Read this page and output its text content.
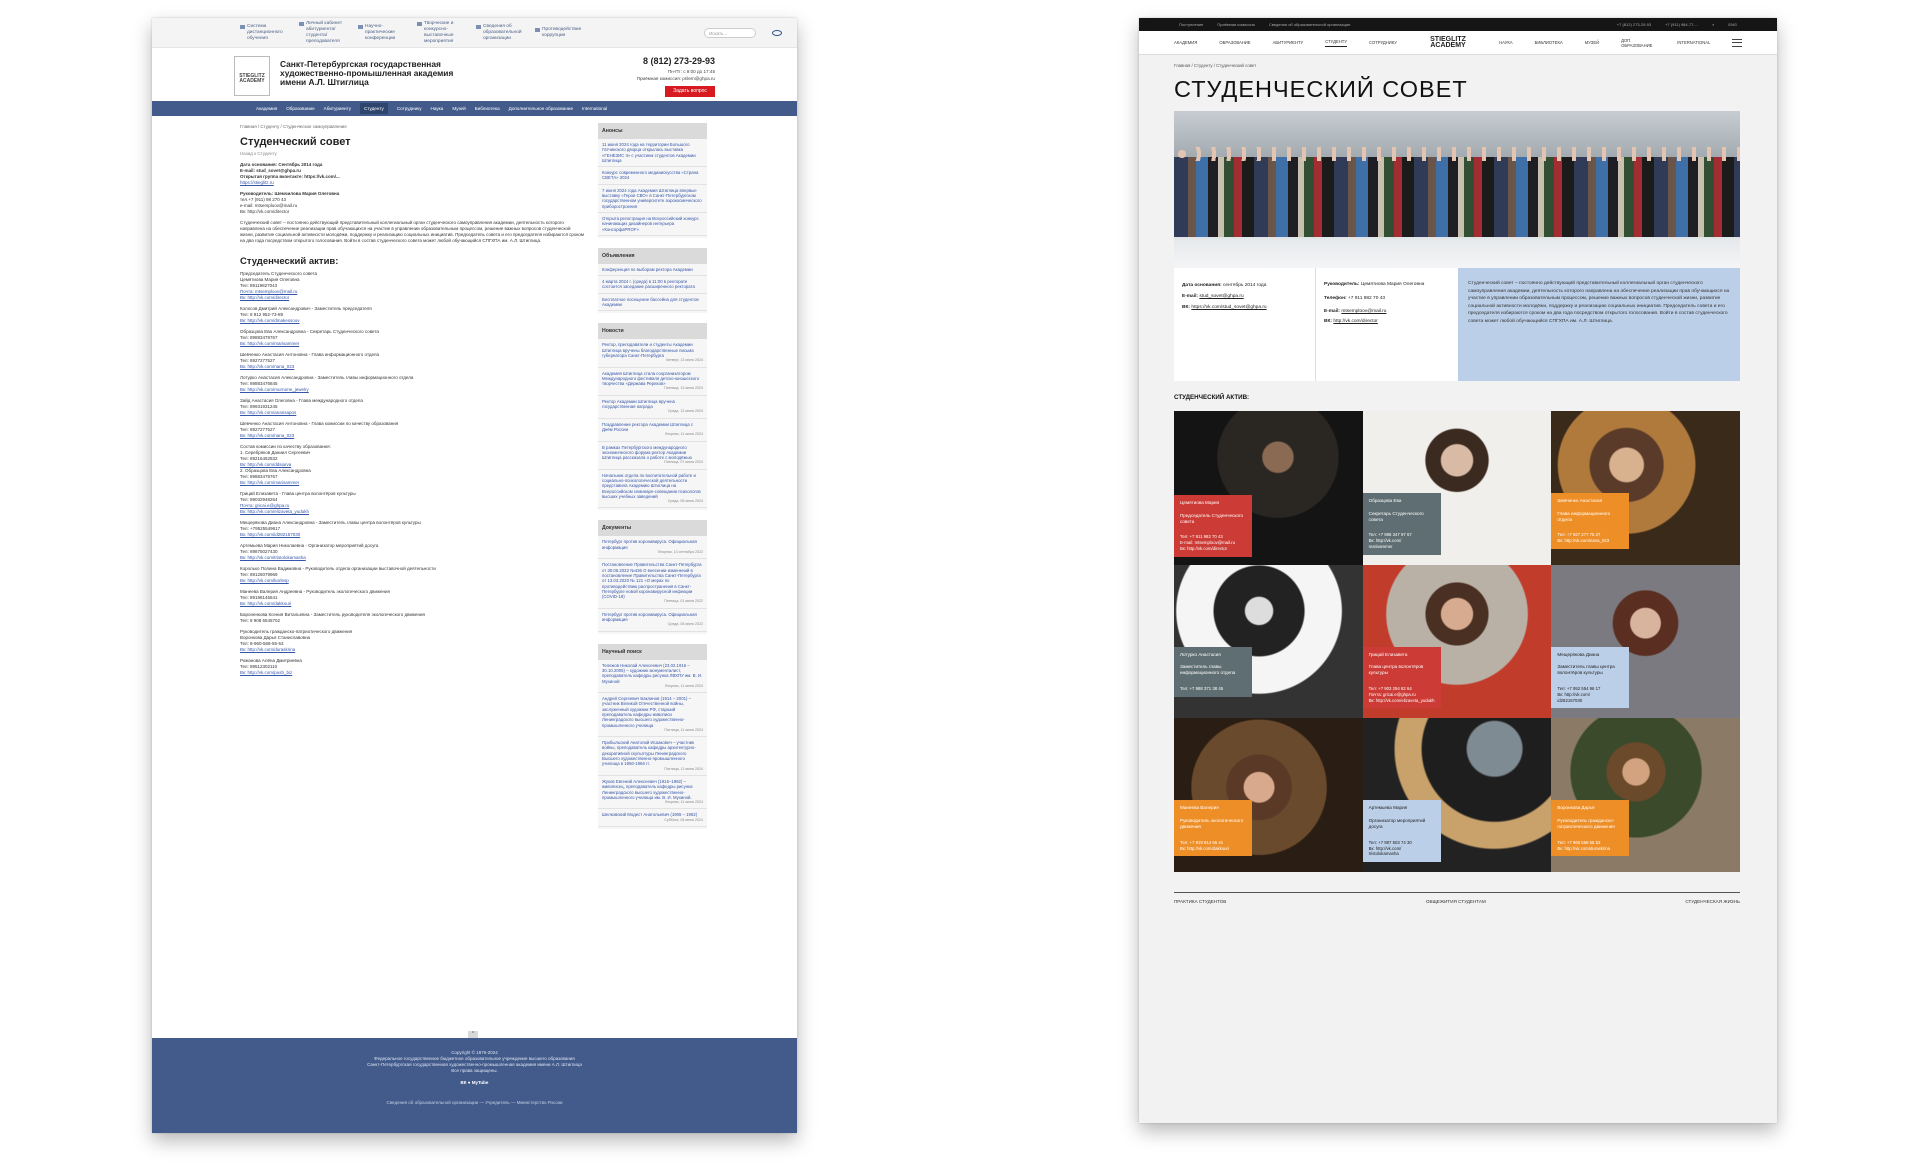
Система дистанционного обучения
Личный кабинет абитуриента/студента/преподавателя
Научно-практические конференции
Творческие и конкурсно-выставочные мероприятия
Сведения об образовательной организации
Противодействие коррупции	Искать...
STIEGLITZ ACADEMY
Санкт-Петербургская государственная
художественно-промышленная академия
имени А.Л. Штиглица
8 (812) 273-29-93
Пн-Пт: с 9:00 до 17:45
Приёмная комиссия: prilem@ghpa.ru
Задать вопрос
Академия Образование Абитуриенту	Студенту	Сотруднику Наука Музей Библиотека Дополнительное образование International
Главная / Студенту / Студенческое самоуправление
Студенческий совет
Назад к Студенту
Дата основания: Сентябрь 2014 года
E-mail: stud_sovet@ghpa.ru
Открытая группа вконтакте: https://vk.com/...
https://stieglitz.ru
Руководитель: Шемчилова Мария Олеговна
тел.+7 (911) 98 270 43
e-mail: mtsemploov@mail.ru
Вк: http://vk.com/director
Студенческий совет – постоянно действующий представительный коллегиальный орган студенческого самоуправления академии, деятельность которого направлена на обеспечение реализации прав обучающихся на участие в управлении образовательным процессом, решение важных вопросов студенческой жизни, развитие социальной активности молодёжи, поддержку и реализацию социальных инициатив. Председатель совета и его председателя избираются сроком на два года посредством открытого голосования. Войти в состав студенческого совета может любой обучающийся СПГХПА им. А.Л. Штиглица.
Студенческий актив:
Председатель Студенческого совета
Цемятиова Мария Олеговна
Тел: 89119827043
Почта: mtsemploov@mail.ru
Вк: http://vk.com/director
Колосов Дмитрий Александрович - Заместитель председателя
Тел: 8 912 952-73-89
Вк: http://vk.com/dmakessoov
Образцова Ева Александровна - Секретарь Студенческого совета
Тел: 89883479767
Вк: http://vk.com/marisammer
Шевченко Анастасия Антоновна - Глава информационного отдела
Тел: 8927277527
Вк: http://vk.com/nana_023
Лотурко Анастасия Александровна - Заместитель главы информационного отдела
Тел: 89883476845
Вк: http://vk.com/murrume_jewelry
Зайд Анастасия Олеговна - Глава международного отдела
Тел: 89931931245
Вк: http://vk.com/anansapos
Шевченко Анастасия Антоновна - Глава комиссии по качеству образования
Тел: 8927277527
Вк: http://vk.com/nana_023
Состав комиссии по качеству образования:
1. Серебряков Даниил Сергеевич
Тел: 89216452832
Вк: http://vk.com/ddsiarva
2. Образцова Ева Александровна
Тел: 89883479767
Вк: http://vk.com/marisammer
Грицай Елизавета - Глава центра волонтёров культуры
Тел: 89032948264
Почта: gricai.e@ghpa.ru
Вк: http://vk.com/elizaveta_yudukh
Мещерякова Диана Александровна - Заместитель главы центра волонтёров культуры
Тел: +79525549617
Вк: http://vk.com/id282157030
Артемьева Мария Николаевна - Организатор мероприятий досуга
Тел: 89875027430
Вк: http://vk.com/tristolokamasha
Королько Полина Вадимовна - Руководитель отдела организации выставочной деятельности
Тел: 89126079969
Вк: http://vk.com/korlesp
Манеева Валерия Андреевна - Руководитель экологического движения
Тел: 89198145541
Вк: http://vk.com/dakkouri
Бароненкова Ксения Витальевна - Заместитель руководителя экологического движения
Тел: 8 908 6545702
Руководитель гражданско-патриотического движения
Воронкова Дарья Станиславовна
Тел: 8-960-568-55-53
Вк: http://vk.com/duraskrina
Рожанова Алёна Дмитриевна
Тел: 89512302110
Вк: http://vk.com/push_biz
Анонсы
11 июня 2024 года на территории Большого Гатчинского дворца открылась выставка «ГЕНЕЗИС II» с участием студентов Академии Штиглица
Конкурс современного медиаискусства «Страна СВЕТА» 2024
7 июня 2024 года Академия Штиглица впервые выставку «Герои СВО» в Санкт-Петербургском государственном университете аэрокосмического приборостроения
Открыта регистрация на Всероссийский конкурс начинающих дизайнеров интерьера «КонсорфаPROF»
Объявления
Конференция по выборам ректора Академии
4 марта 2024 г. (среда) в 11:00 в ректорате состоится заседание расширенного ректората
Бесплатное посещение бассейна для студентов Академии
Новости
Ректор, преподаватели и студенты Академии Штиглица вручены благодарственные письма губернатора Санкт-Петербурга
Четверг, 13 июня 2024
Академия Штиглица стала соорганизатором Международного фестиваля детско-юношеского творчества «Держава Рерихов»
Пятница, 13 июня 2024
Ректор Академии Штиглица вручена государственная награда
Среда, 12 июня 2024
Поздравление ректора Академии Штиглица с Днём России
Вторник, 11 июня 2024
В рамках Петербургского международного экономического форума ректор Академии Штиглица рассказала о работе с молодёжью
Пятница, 07 июня 2024
Начальник отдела по воспитательной работе и социально-психологической деятельности представила Академию Штиглица на Всероссийском семинаре-совещании психологов высших учебных заведений
Среда, 05 июня 2024
Документы
Петербург против коронавируса. Официальная информация
Вторник, 13 сентября 2022
Постановление Правительства Санкт-Петербурга от 30.06.2022 №436 О внесении изменений в постановление Правительства Санкт-Петербурга от 13.03.2020 № 121 «О мерах по противодействию распространения в Санкт-Петербурге новой коронавирусной инфекции (COVID-19)
Пятница, 01 июля 2022
Петербург против коронавируса. Официальная информация
Среда, 08 июня 2022
Научный поиск
Тележов Николай Алексеевич (23.02.1916 – 30.10.2005) – художник монументалист, преподаватель кафедры рисунка ЛВХПУ им. В. И. Мухиной
Вторник, 11 июня 2024
Андрей Сергеевич Баклинов (1914 – 2001) – участник Великой Отечественной войны, заслуженный художник РФ, старший преподаватель кафедры живописи Ленинградского высшего художественно-промышленного училища
Пятница, 11 июня 2024
Прибыльский Анатолий Исаакович – участник войны, преподаватель кафедры архитектурно-декоративной скульптуры Ленинградского Высшего художественно-промышленного училища в 1950-1966 гг.
Пятница, 11 июня 2024
Жуков Евгений Алексеевич (1915–1992) – живописец, преподаватель кафедры рисунка Ленинградского высшего художественно-промышленного училища им. В. И. Мухиной.
Вторник, 11 июня 2024
Шелковский Модест Анатольевич (1906 – 1982)
Суббота, 08 июня 2024
^
Copyright © 1876-2024
Федеральное государственное бюджетное образовательное учреждение высшего образования
Санкт-Петербургская государственная художественно-промышленная академия имени А.Л. Штиглица
Все права защищены.
ВК ● MyTube
Сведения об образовательной организации — Учредитель — Министерство России
Поступление	Приёмная комиссия	Сведения об образовательной организации	+7 (812) 273-29-93	+7 (911) 984-77-...	⌕	ENG
АКАДЕМИЯ	ОБРАЗОВАНИЕ	АБИТУРИЕНТУ	СТУДЕНТУ	СОТРУДНИКУ	STIEGLITZ ACADEMY	НАУКА	БИБЛИОТЕКА	МУЗЕЙ	ДОП. ОБРАЗОВАНИЕ	INTERNATIONAL
Главная / Студенту / Студенческий совет
СТУДЕНЧЕСКИЙ СОВЕТ
Дата основания: сентябрь 2014 года
E-mail: stud_sovet@ghpa.ru
ВК: https://vk.com/stud_sovet@ghpa.ru
Руководитель: Цемятиова Мария Олеговна
Телефон: +7 911 982 70 43
E-mail: mtsemploov@mail.ru
ВК: http://vk.com/director
Студенческий совет – постоянно действующий представительный коллегиальный орган студенческого самоуправления академии, деятельность которого направлена на обеспечение реализации прав обучающихся на участие в управлении образовательным процессом, решение важных вопросов студенческой жизни, развитие социальной активности молодёжи, поддержку и реализацию социальных инициатив. Председатель совета и его председателя избираются сроком на два года посредством открытого голосования. Войти в состав студенческого совета может любой обучающийся СПГХПА им. А.Л. Штиглица.
СТУДЕНЧЕСКИЙ АКТИВ:
Цемятиова Мария
Председатель Студенческого совета
Тел: +7 911 982 70 43
E-mail: mtsemploov@mail.ru
Вк: http://vk.com/director
Образцова Ева
Секретарь Студенческого совета
Тел: +7 988 347 97 67
Вк: http://vk.com/
marisammer
Шевченко Анастасия
Глава информационного отдела
Тел: +7 927 277 75 27
Вк: http://vk.com/nana_023
Лотурко Анастасия
Заместитель главы информационного отдела
Тел: +7 988 371 38 45
Грицай Елизавета
Глава центра волонтёров культуры
Тел: +7 903 294 82 64
Почта: gricai.e@ghpa.ru
Вк: http://vk.com/elizaveta_yudukh
Мещерякова Диана
Заместитель главы центра волонтёров культуры
Тел: +7 952 554 96 17
Вк: http://vk.com/
id282157030
Манеева Валерия
Руководитель экологического движения
Тел: +7 919 814 55 41
Вк: http://vk.com/dakkouri
Артемьева Мария
Организатор мероприятий досуга
Тел: +7 987 503 74 30
Вк: http://vk.com/
tristolokamasha
Воронкова Дарья
Руководитель гражданско-патриотического движения
Тел: +7 960 568 55 53
Вк: http://vk.com/duraskrina
ПРАКТИКА СТУДЕНТОВ	ОБЩЕЖИТИЯ СТУДЕНТАМ	СТУДЕНЧЕСКАЯ ЖИЗНЬ
